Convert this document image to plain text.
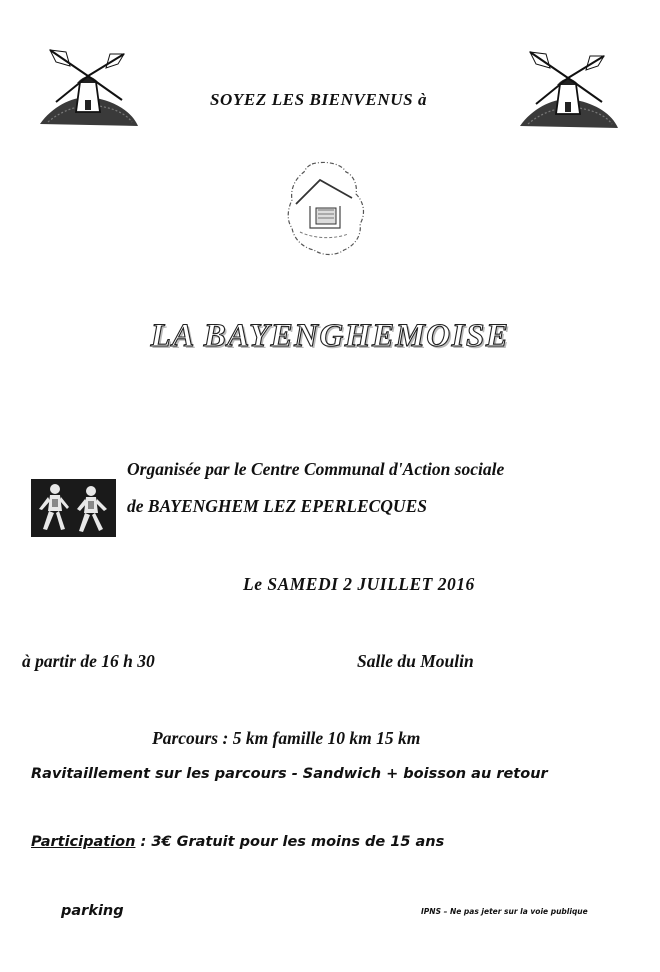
SOYEZ LES BIENVENUS à
LA BAYENGHEMOISE
Organisée par le Centre Communal d'Action sociale
de BAYENGHEM LEZ EPERLECQUES
Le SAMEDI 2 JUILLET 2016
à partir de 16 h 30	Salle du Moulin
Parcours : 5 km famille 10 km 15 km
Ravitaillement sur les parcours - Sandwich + boisson au retour
Participation : 3€ Gratuit pour les moins de 15 ans
parking	IPNS – Ne pas jeter sur la voie publique
